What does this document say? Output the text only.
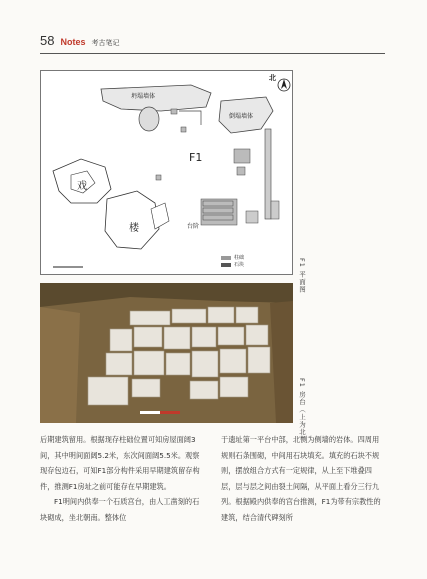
58 Notes 考古笔记
北
坍塌墙体
倒塌墙体
F1
戏
楼	台阶
柱础
石块	F1 平面图
F1 房台（上为北）

后期建筑留用。根据现存柱础位置可知房屋面阔3间，其中明间面阔5.2米，东次间面阔5.5米。观察现存包边石，可知F1部分构件采用早期建筑留存构件，推测F1房址之前可能存在早期建筑。

F1明间内供奉一个石质宫台，由人工凿刻的石块砌成，坐北朝南。整体位

于遗址第一平台中部，北侧为侧墙的岩体。四周用规则石条围砌，中间用石块填充。填充的石块不规则，摆放组合方式有一定规律，从上至下堆叠四层，层与层之间由裂土间隔，从平面上看分三行九列。根据殿内供奉的宫台推测，F1为带有宗教性的建筑，结合清代碑刻所
